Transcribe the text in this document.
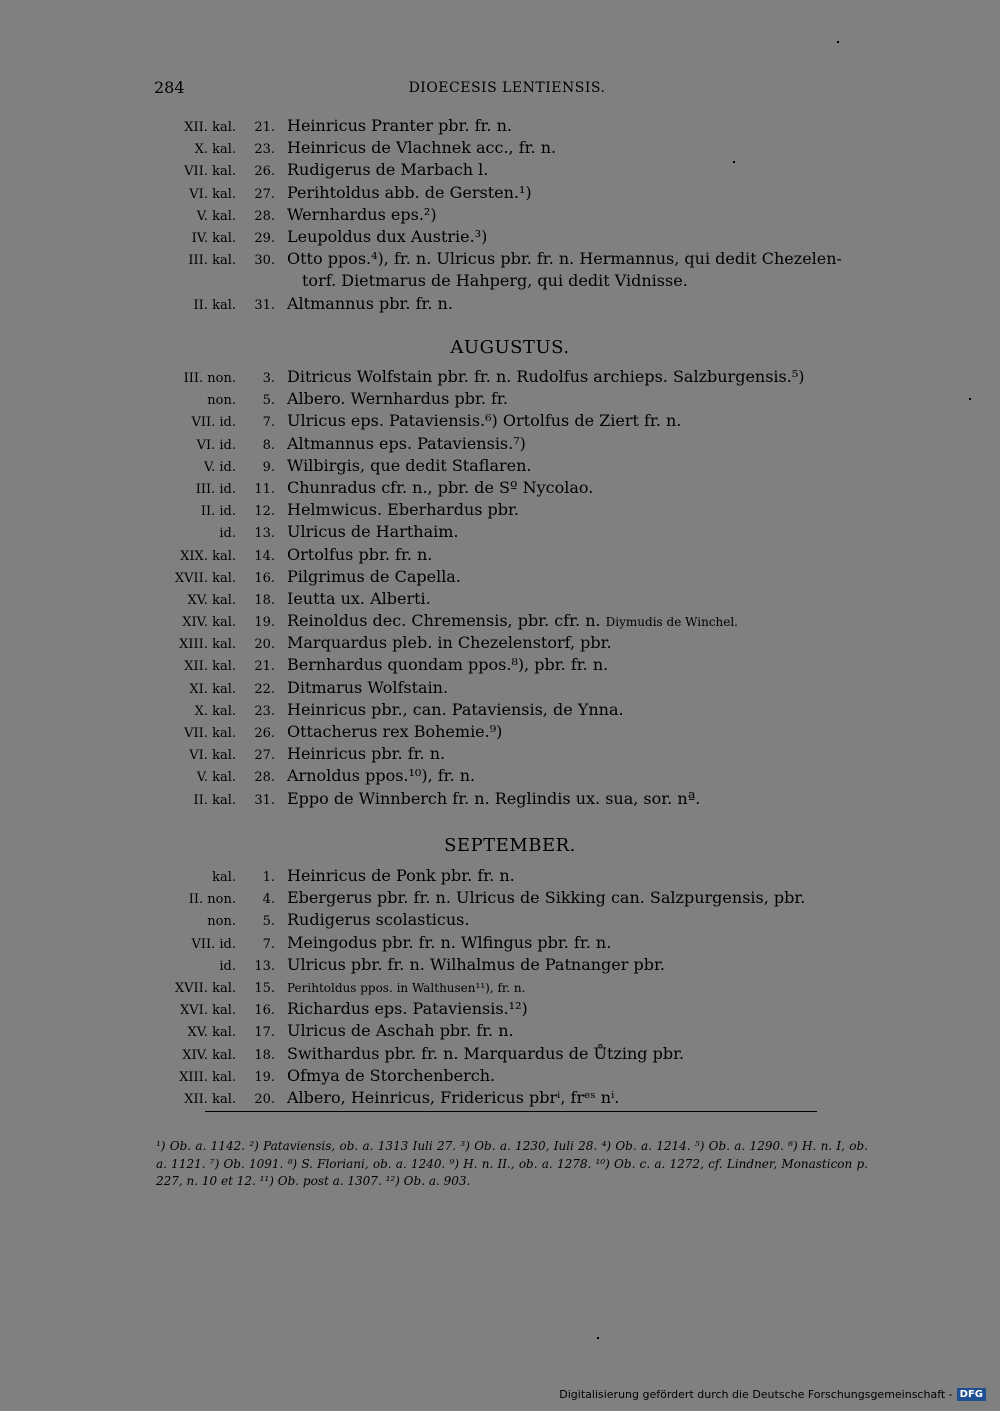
284	DIOECESIS LENTIENSIS.
XII. kal. 21. Heinricus Pranter pbr. fr. n.
X. kal. 23. Heinricus de Vlachnek acc., fr. n.
VII. kal. 26. Rudigerus de Marbach l.
VI. kal. 27. Perihtoldus abb. de Gersten.¹)
V. kal. 28. Wernhardus eps.²)
IV. kal. 29. Leupoldus dux Austrie.³)
III. kal. 30. Otto ppos.⁴), fr. n. Ulricus pbr. fr. n. Hermannus, qui dedit Chezelen-
torf. Dietmarus de Hahperg, qui dedit Vidnisse.
II. kal. 31. Altmannus pbr. fr. n.
AUGUSTUS.
III. non. 3. Ditricus Wolfstain pbr. fr. n. Rudolfus archieps. Salzburgensis.⁵)
non. 5. Albero. Wernhardus pbr. fr.
VII. id. 7. Ulricus eps. Pataviensis.⁶) Ortolfus de Ziert fr. n.
VI. id. 8. Altmannus eps. Pataviensis.⁷)
V. id. 9. Wilbirgis, que dedit Staflaren.
III. id. 11. Chunradus cfr. n., pbr. de Sº Nycolao.
II. id. 12. Helmwicus. Eberhardus pbr.
id. 13. Ulricus de Harthaim.
XIX. kal. 14. Ortolfus pbr. fr. n.
XVII. kal. 16. Pilgrimus de Capella.
XV. kal. 18. Ieutta ux. Alberti.
XIV. kal. 19. Reinoldus dec. Chremensis, pbr. cfr. n. Diymudis de Winchel.
XIII. kal. 20. Marquardus pleb. in Chezelenstorf, pbr.
XII. kal. 21. Bernhardus quondam ppos.⁸), pbr. fr. n.
XI. kal. 22. Ditmarus Wolfstain.
X. kal. 23. Heinricus pbr., can. Pataviensis, de Ynna.
VII. kal. 26. Ottacherus rex Bohemie.⁹)
VI. kal. 27. Heinricus pbr. fr. n.
V. kal. 28. Arnoldus ppos.¹⁰), fr. n.
II. kal. 31. Eppo de Winnberch fr. n. Reglindis ux. sua, sor. nª.
SEPTEMBER.
kal. 1. Heinricus de Ponk pbr. fr. n.
II. non. 4. Ebergerus pbr. fr. n. Ulricus de Sikking can. Salzpurgensis, pbr.
non. 5. Rudigerus scolasticus.
VII. id. 7. Meingodus pbr. fr. n. Wlfingus pbr. fr. n.
id. 13. Ulricus pbr. fr. n. Wilhalmus de Patnanger pbr.
XVII. kal. 15. Perihtoldus ppos. in Walthusen¹¹), fr. n.
XVI. kal. 16. Richardus eps. Pataviensis.¹²)
XV. kal. 17. Ulricus de Aschah pbr. fr. n.
XIV. kal. 18. Swithardus pbr. fr. n. Marquardus de Ůtzing pbr.
XIII. kal. 19. Ofmya de Storchenberch.
XII. kal. 20. Albero, Heinricus, Fridericus pbrⁱ, frᵉˢ nⁱ.
¹) Ob. a. 1142. ²) Pataviensis, ob. a. 1313 Iuli 27. ³) Ob. a. 1230, Iuli 28. ⁴) Ob. a. 1214. ⁵) Ob. a. 1290. ⁶) H. n. I, ob. a. 1121. ⁷) Ob. 1091. ⁸) S. Floriani, ob. a. 1240. ⁹) H. n. II., ob. a. 1278. ¹⁰) Ob. c. a. 1272, cf. Lindner, Monasticon p. 227, n. 10 et 12. ¹¹) Ob. post a. 1307. ¹²) Ob. a. 903.
Digitalisierung gefördert durch die Deutsche Forschungsgemeinschaft - DFG
